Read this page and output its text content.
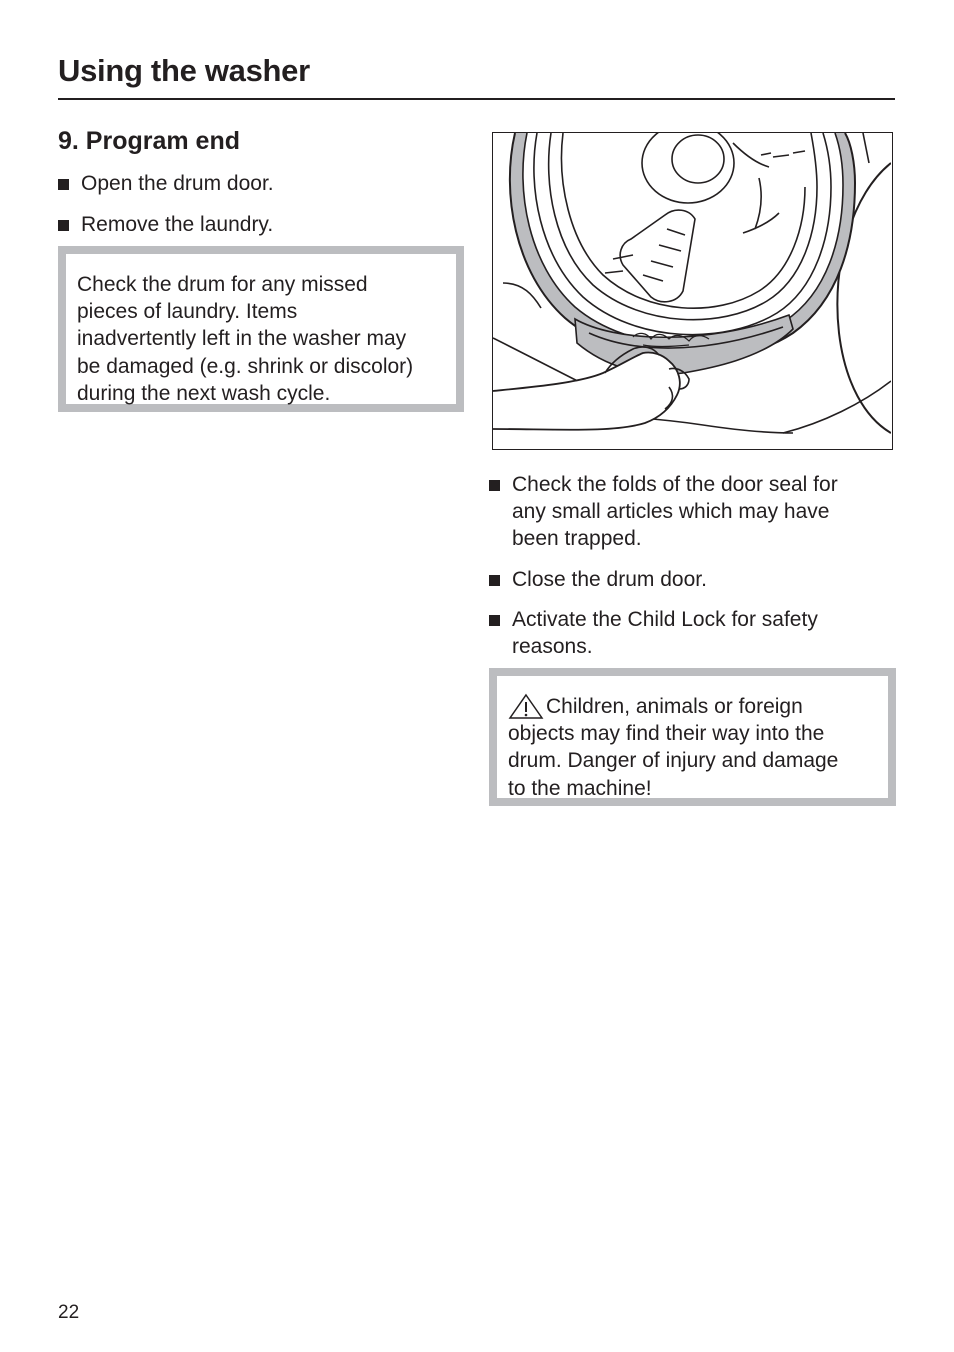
Using the washer
9. Program end
Open the drum door.
Remove the laundry.
Check the drum for any missed
pieces of laundry. Items
inadvertently left in the washer may
be damaged (e.g. shrink or discolor)
during the next wash cycle.
Check the folds of the door seal for
any small articles which may have
been trapped.
Close the drum door.
Activate the Child Lock for safety
reasons.
Children, animals or foreign
objects may find their way into the
drum. Danger of injury and damage
to the machine!
22
